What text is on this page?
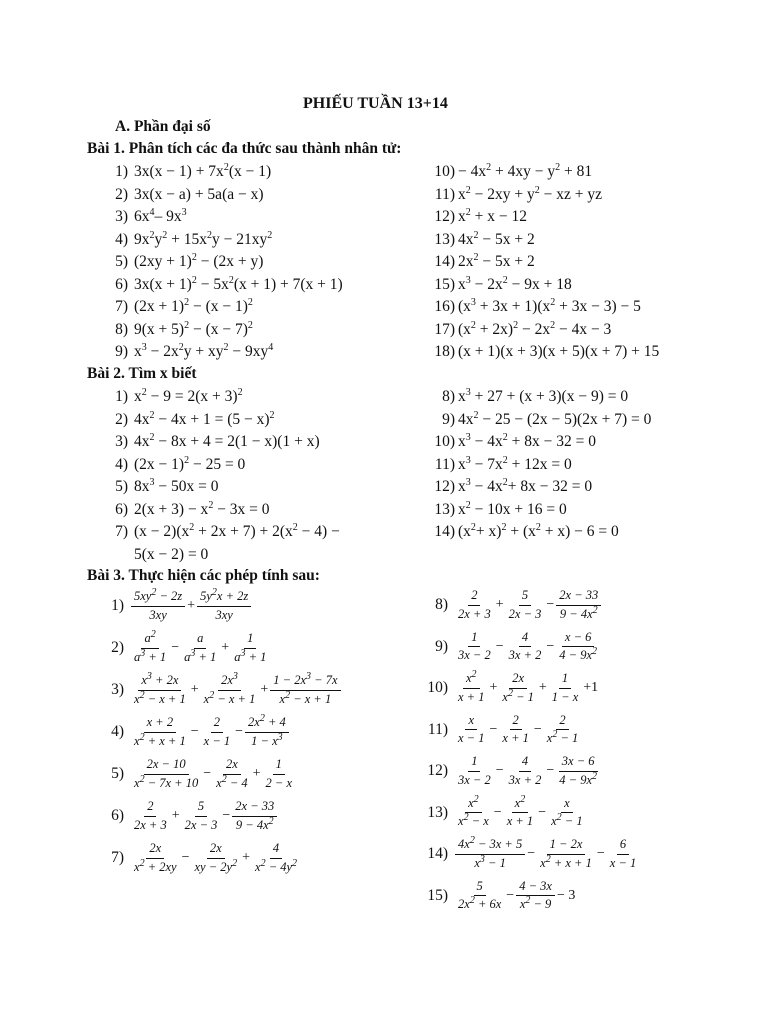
PHIẾU TUẦN 13+14
A. Phần đại số
Bài 1. Phân tích các đa thức sau thành nhân tử:
1) $3x(x - 1) + 7x^2(x - 1)$
2) 3x(x − a) + 5a(a − x)
3) $6x^4-$ $9x^3$
4) $9x^2y^2 + 15x^2y - 21xy^2$
5) $(2xy + 1)^2 - (2x + y)$
6) $3x(x + 1)^2 - 5x^2(x + 1) + 7(x + 1)$
7) $(2x + 1)^2 - (x - 1)^2$
8) $9(x + 5)^2 - (x - 7)^2$
9) $x^3 - 2x^2y + xy^2 - 9xy^4$
$10) - 4x^2 + 4xy - y^2 + 81$
11) $x^2 - 2xy + y^2$ − xz + yz
12) $x^2 + x - 12$
13) $4x^2 - 5x + 2$
14) $2x^2 - 5x + 2$
15) $x^3 - 2x^2 - 9x + 18$
16) $(x^3 + 3x + 1)(x^2 + 3x - 3) - 5$
17) $(x^2 + 2x)^2 - 2x^2 - 4x - 3$
18) (x + 1)(x + 3)(x + 5)(x + 7) + 15
Bài 2. Tìm x biết
1) $x^2 - 9 = 2(x + 3)^2$
2) $4x^2 - 4x + 1 = (5 - x)^2$
3) $4x^2 - 8x + 4 = 2(1 - x)(1 + x)$
4) $(2x - 1)^2 - 25 = 0$
5) $8x^3 - 50x = 0$
6) $2(x + 3) - x^2 - 3x = 0$
7) $(x - 2)(x^2 + 2x + 7) + 2(x^2 - 4)$ −
5(x − 2) = 0
8) $x^3 + 27 + (x + 3)(x - 9) = 0$
9) $4x^2 - 25 - (2x - 5)(2x + 7) = 0$
10) $x^3 - 4x^2 + 8x - 32 = 0$
11) $x^3 - 7x^2 + 12x = 0$
12) $x^3 - 4x^2+ 8x - 32 = 0$
13) $x^2 - 10x + 16 = 0$
14) $(x^2+ x)^2 + (x^2 + x) - 6 = 0$
Bài 3. Thực hiện các phép tính sau:
$1) \frac{5xy^2 - 2z}{3xy} + \frac{5y^2x + 2z}{3xy}$
$2) \frac{a^2}{a^3 + 1} - \frac{a}{a^3 + 1} + \frac{1}{a^3 + 1}$
$3) \frac{x^3 + 2x}{x^2 - x + 1} + \frac{2x^3}{x^2 - x + 1} + \frac{1 - 2x^3 - 7x}{x^2 - x + 1}$
$4) \frac{x + 2}{x^2 + x + 1} - \frac{2}{x - 1} - \frac{2x^2 + 4}{1 - x^3}$
$5) \frac{2x - 10}{x^2 - 7x + 10} - \frac{2x}{x^2 - 4} + \frac{1}{2 - x}$
$6) \frac{2}{2x + 3} + \frac{5}{2x - 3} - \frac{2x - 33}{9 - 4x^2}$
$7) \frac{2x}{x^2 + 2xy} - \frac{2x}{xy - 2y^2} + \frac{4}{x^2 - 4y^2}$
$8) \frac{2}{2x + 3} + \frac{5}{2x - 3} - \frac{2x - 33}{9 - 4x^2}$
$9) \frac{1}{3x - 2} - \frac{4}{3x + 2} - \frac{x - 6}{4 - 9x^2}$
$10) \frac{x^2}{x + 1} + \frac{2x}{x^2 - 1} + \frac{1}{1 - x} +1$
$11) \frac{x}{x - 1} - \frac{2}{x + 1} - \frac{2}{x^2 - 1}$
$12) \frac{1}{3x - 2} - \frac{4}{3x + 2} - \frac{3x - 6}{4 - 9x^2}$
$13) \frac{x^2}{x^2 - x} - \frac{x^2}{x + 1} - \frac{x}{x^2 - 1}$
$14) \frac{4x^2 - 3x + 5}{x^3 - 1} - \frac{1 - 2x}{x^2 + x + 1} - \frac{6}{x - 1}$
$15) \frac{5}{2x^2 + 6x} - \frac{4 - 3x}{x^2 - 9} - 3$
